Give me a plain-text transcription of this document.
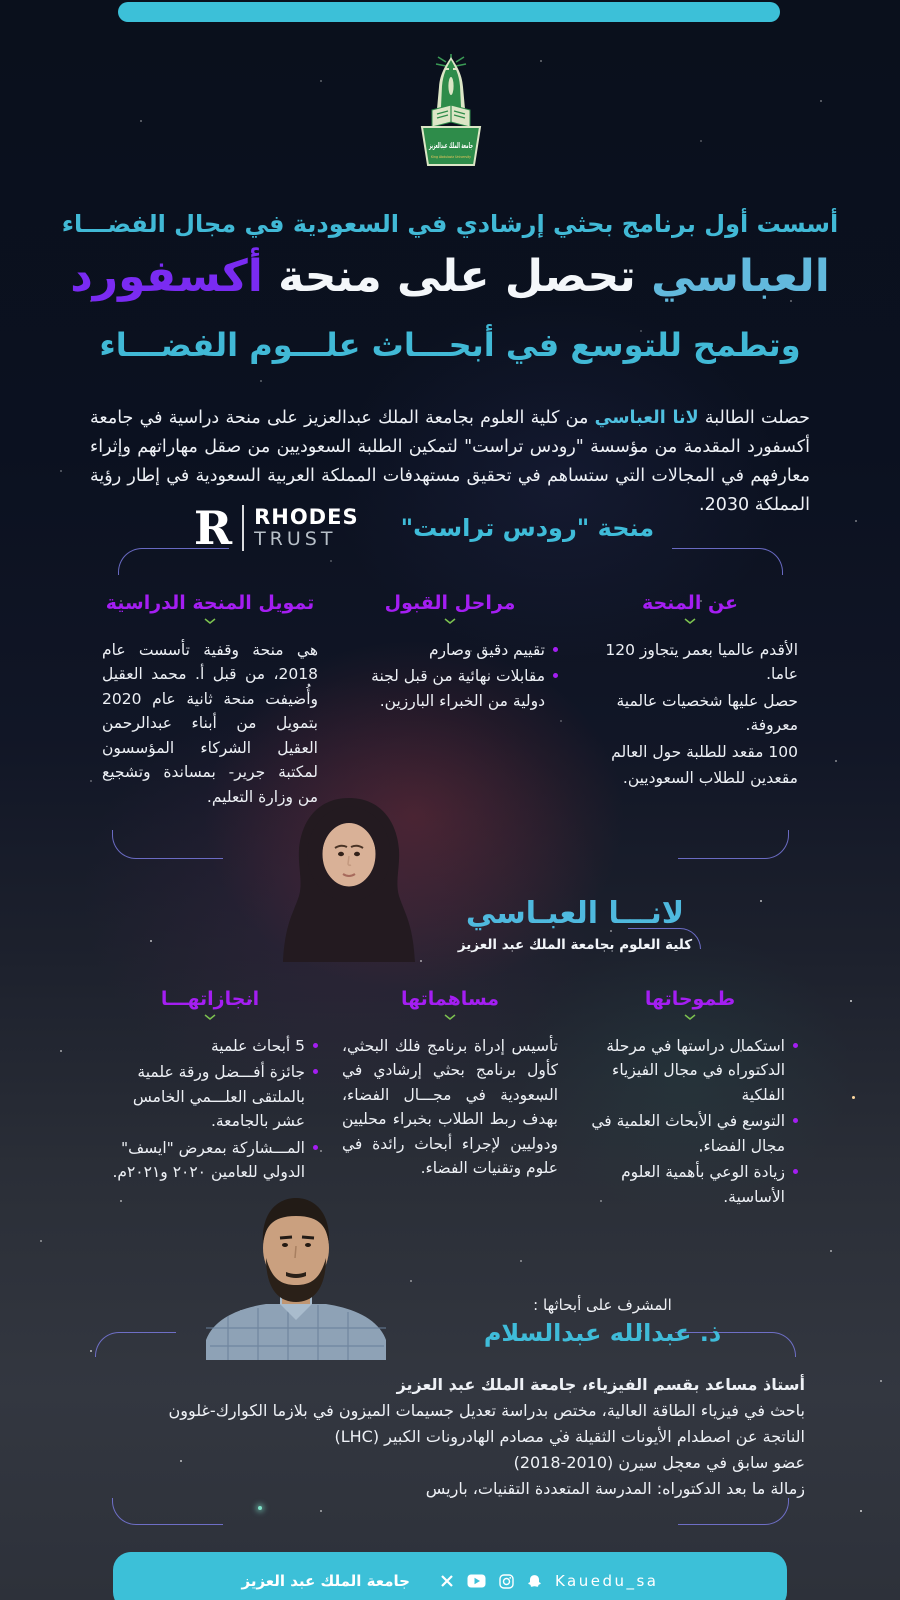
جامعة الملك عبدالعزيز
King Abdulaziz University
أسست أول برنامج بحثي إرشادي في السعودية في مجال الفضـــاء
العباسي تحصل على منحة أكسفورد
وتطمح للتوسع في أبحـــاث علـــوم الفضـــاء

حصلت الطالبة لانا العباسي من كلية العلوم بجامعة الملك عبدالعزيز على منحة دراسية في جامعة أكسفورد المقدمة من مؤسسة "رودس تراست" لتمكين الطلبة السعوديين من صقل مهاراتهم وإثراء معارفهم في المجالات التي ستساهم في تحقيق مستهدفات المملكة العربية السعودية في إطار رؤية المملكة 2030.

R RHODES
TRUST	منحة "رودس تراست"
عن المنحة
الأقدم عالميا بعمر يتجاوز 120 عاما.
حصل عليها شخصيات عالمية معروفة.
100 مقعد للطلبة حول العالم
مقعدين للطلاب السعوديين.
مراحل القبول
تقييم دقيق وصارم
مقابلات نهائية من قبل لجنة دولية من الخبراء البارزين.
تمويل المنحة الدراسية
هي منحة وقفية تأسست عام 2018، من قبل أ. محمد العقيل وأُضيفت منحة ثانية عام 2020 بتمويل من أبناء عبدالرحمن العقيل الشركاء المؤسسون لمكتبة جرير- بمساندة وتشجيع من وزارة التعليم.
لانـــا العبـاسي
كلية العلوم بجامعة الملك عبد العزيز
طموحاتها
استكمال دراستها في مرحلة الدكتوراه في مجال الفيزياء الفلكية
التوسع في الأبحاث العلمية في مجال الفضاء.
زيادة الوعي بأهمية العلوم الأساسية.
مساهماتها
تأسيس إدراة برنامج فلك البحثي، كأول برنامج بحثي إرشادي في السعودية في مجـــال الفضاء، بهدف ربط الطلاب بخبراء محليين ودوليين لإجراء أبحاث رائدة في علوم وتقنيات الفضاء.
انجازاتهـــا
5 أبحاث علمية
جائزة أفـــضل ورقة علمية بالملتقى العلـــمي الخامس عشر بالجامعة.
المـــشاركة بمعرض "ايسف" الدولي للعامين ٢٠٢٠ و٢٠٢١م.
المشرف على أبحاثها :
ذ. عبدالله عبدالسلام
أستاذ مساعد بقسم الفيزياء، جامعة الملك عبد العزيز
باحث في فيزياء الطاقة العالية، مختص بدراسة تعديل جسيمات الميزون في بلازما الكوارك-غلوون
الناتجة عن اصطدام الأيونات الثقيلة في مصادم الهادرونات الكبير (LHC)
عضو سابق في معجل سيرن (2010-2018)
زمالة ما بعد الدكتوراه: المدرسة المتعددة التقنيات، باريس
جامعة الملك عبد العزيز	Kauedu_sa
